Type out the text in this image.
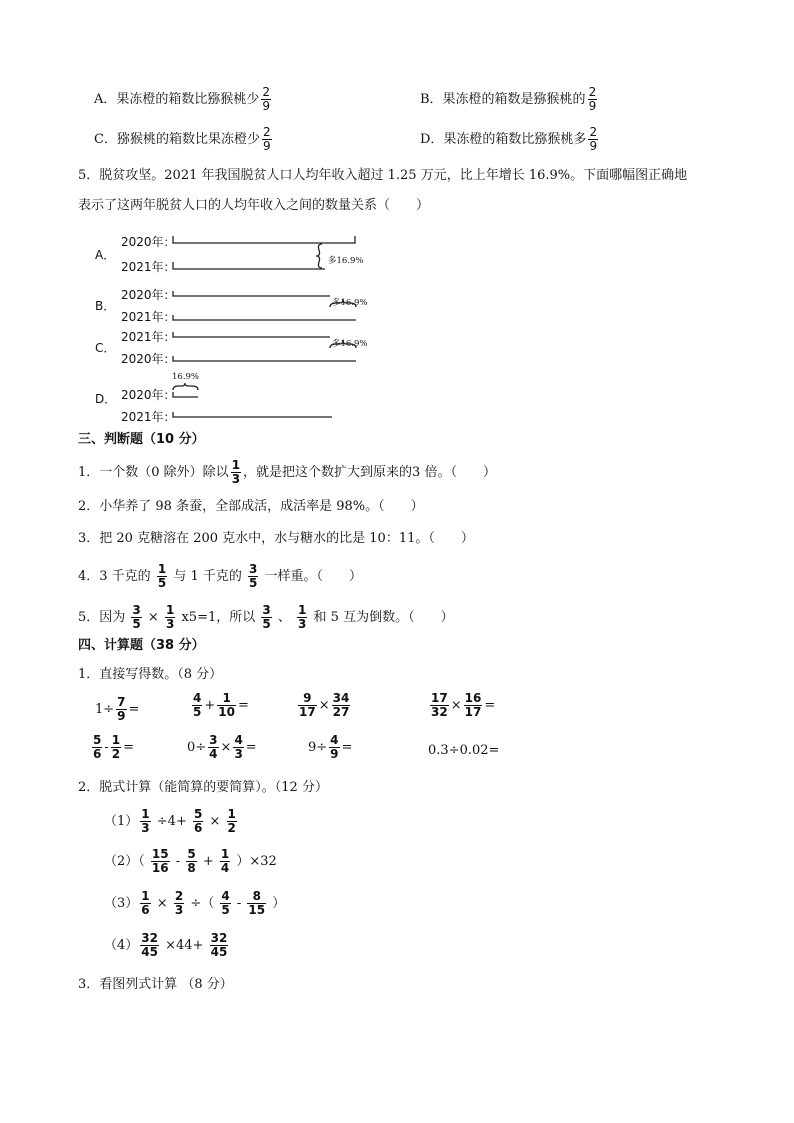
A．果冻橙的箱数比猕猴桃少 $\frac{2}{9}$	B．果冻橙的箱数是猕猴桃的 $\frac{2}{9}$
C．猕猴桃的箱数比果冻橙少 $\frac{2}{9}$	D．果冻橙的箱数比猕猴桃多 $\frac{2}{9}$
5．脱贫攻坚。2021 年我国脱贫人口人均年收入超过 1.25 万元，比上年增长 16.9%。下面哪幅图正确地
表示了这两年脱贫人口的人均年收入之间的数量关系（　　）
A．
2020年：
2021年：	多16.9%
B．
2020年：
2021年：
多16.9%
C．
2021年：
2020年：
多16.9%
D． 2020年：
2021年：
16.9%
三、判断题（10 分）
1．一个数（0 除外）除以 $\frac{1}{3}$ ，就是把这个数扩大到原来的3 倍。（　　）
2．小华养了 98 条蚕，全部成活，成活率是 98%。（　　）
3．把 20 克糖溶在 200 克水中，水与糖水的比是 10：11。（　　）
4．3 千克的 $\frac{1}{5}$ 与 1 千克的 $\frac{3}{5}$ 一样重。（　　）
5．因为 $\frac{3}{5} \times \frac{1}{3} x5=1$，所以 $\frac{3}{5}$ 、 $\frac{1}{3}$ 和 5 互为倒数。（　　）
四、计算题（38 分）
1．直接写得数。（8 分）
$1\div \frac{7}{9}$ =	$\frac{4}{5} + \frac{1}{10}$ =	$\frac{9}{17} \times \frac{34}{27}$	$\frac{17}{32} \times \frac{16}{17}$ =
$\frac{5}{6} - \frac{1}{2}$ =	$0\div \frac{3}{4} \times \frac{4}{3}$ =	$9\div \frac{4}{9}$ =	0.3÷0.02=
2．脱式计算（能简算的要简算）。（12 分）
$(1) \frac{1}{3} \div 4+ \frac{5}{6} \times \frac{1}{2}$
$(2)( \frac{15}{16} - \frac{5}{8} + \frac{1}{4} )\times 32$
$(3) \frac{1}{6} \times \frac{2}{3}$ ÷（ $\frac{4}{5} - \frac{8}{15}$ ）
$(4) \frac{32}{45} \times 44+ \frac{32}{45}$
3．看图列式计算 （8 分）
